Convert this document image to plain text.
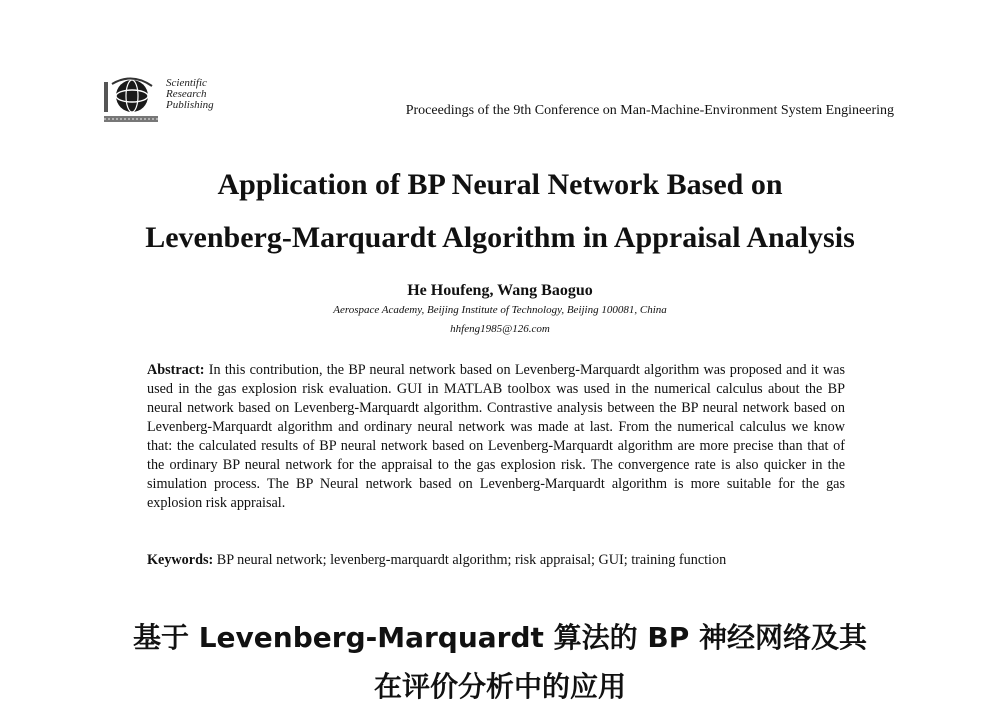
Scientific
Research
Publishing	Proceedings of the 9th Conference on Man-Machine-Environment System Engineering
Application of BP Neural Network Based on
Levenberg-Marquardt Algorithm in Appraisal Analysis
He Houfeng, Wang Baoguo
Aerospace Academy, Beijing Institute of Technology, Beijing 100081, China
hhfeng1985@126.com
Abstract: In this contribution, the BP neural network based on Levenberg-Marquardt algorithm was proposed and it was used in the gas explosion risk evaluation. GUI in MATLAB toolbox was used in the numerical calculus about the BP neural network based on Levenberg-Marquardt algorithm. Contrastive analysis between the BP neural network based on Levenberg-Marquardt algorithm and ordinary neural network was made at last. From the numerical calculus we know that: the calculated results of BP neural network based on Levenberg-Marquardt algorithm are more precise than that of the ordinary BP neural network for the appraisal to the gas explosion risk. The convergence rate is also quicker in the simulation process. The BP Neural network based on Levenberg-Marquardt algorithm is more suitable for the gas explosion risk appraisal.
Keywords: BP neural network; levenberg-marquardt algorithm; risk appraisal; GUI; training function
基于 Levenberg-Marquardt 算法的 BP 神经网络及其
在评价分析中的应用
